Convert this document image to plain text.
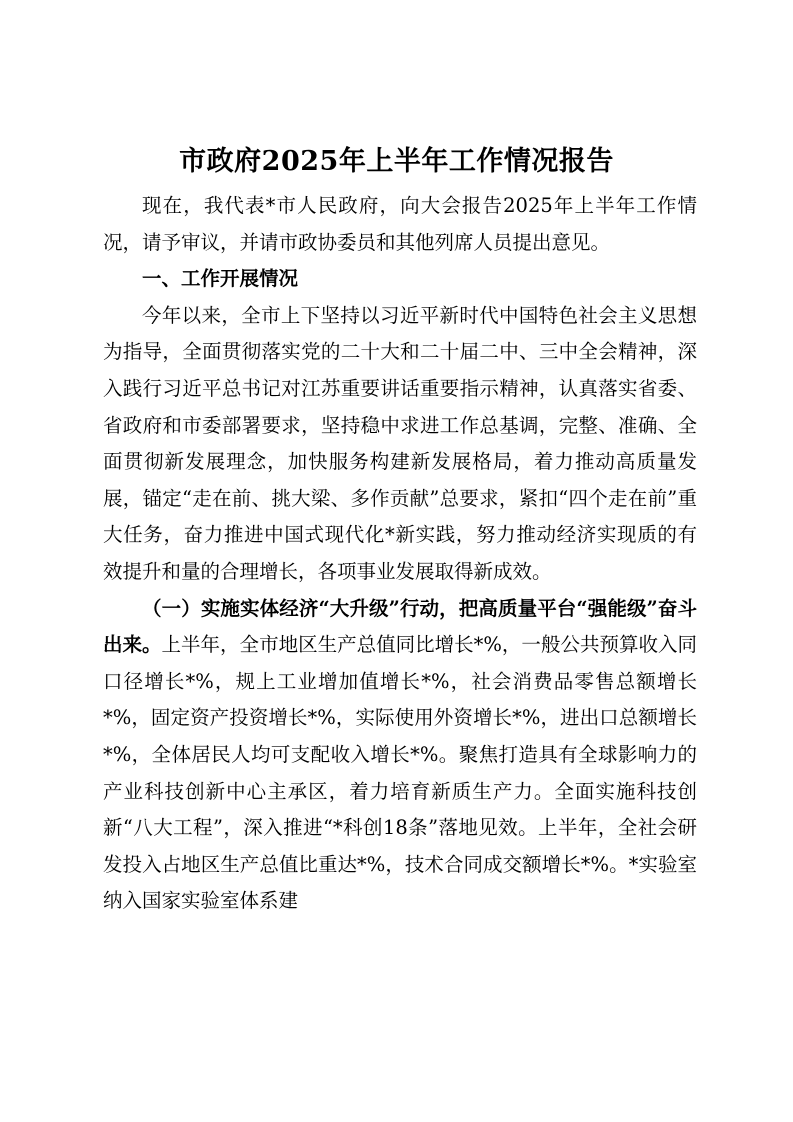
市政府2025年上半年工作情况报告

现在，我代表*市人民政府，向大会报告2025年上半年工作情况，请予审议，并请市政协委员和其他列席人员提出意见。

一、工作开展情况

今年以来，全市上下坚持以习近平新时代中国特色社会主义思想为指导，全面贯彻落实党的二十大和二十届二中、三中全会精神，深入践行习近平总书记对江苏重要讲话重要指示精神，认真落实省委、省政府和市委部署要求，坚持稳中求进工作总基调，完整、准确、全面贯彻新发展理念，加快服务构建新发展格局，着力推动高质量发展，锚定“走在前、挑大梁、多作贡献”总要求，紧扣“四个走在前”重大任务，奋力推进中国式现代化*新实践，努力推动经济实现质的有效提升和量的合理增长，各项事业发展取得新成效。

（一）实施实体经济“大升级”行动，把高质量平台“强能级”奋斗出来。上半年，全市地区生产总值同比增长*%，一般公共预算收入同口径增长*%，规上工业增加值增长*%，社会消费品零售总额增长*%，固定资产投资增长*%，实际使用外资增长*%，进出口总额增长*%，全体居民人均可支配收入增长*%。聚焦打造具有全球影响力的产业科技创新中心主承区，着力培育新质生产力。全面实施科技创新“八大工程”，深入推进“*科创18条”落地见效。上半年，全社会研发投入占地区生产总值比重达*%，技术合同成交额增长*%。*实验室纳入国家实验室体系建
